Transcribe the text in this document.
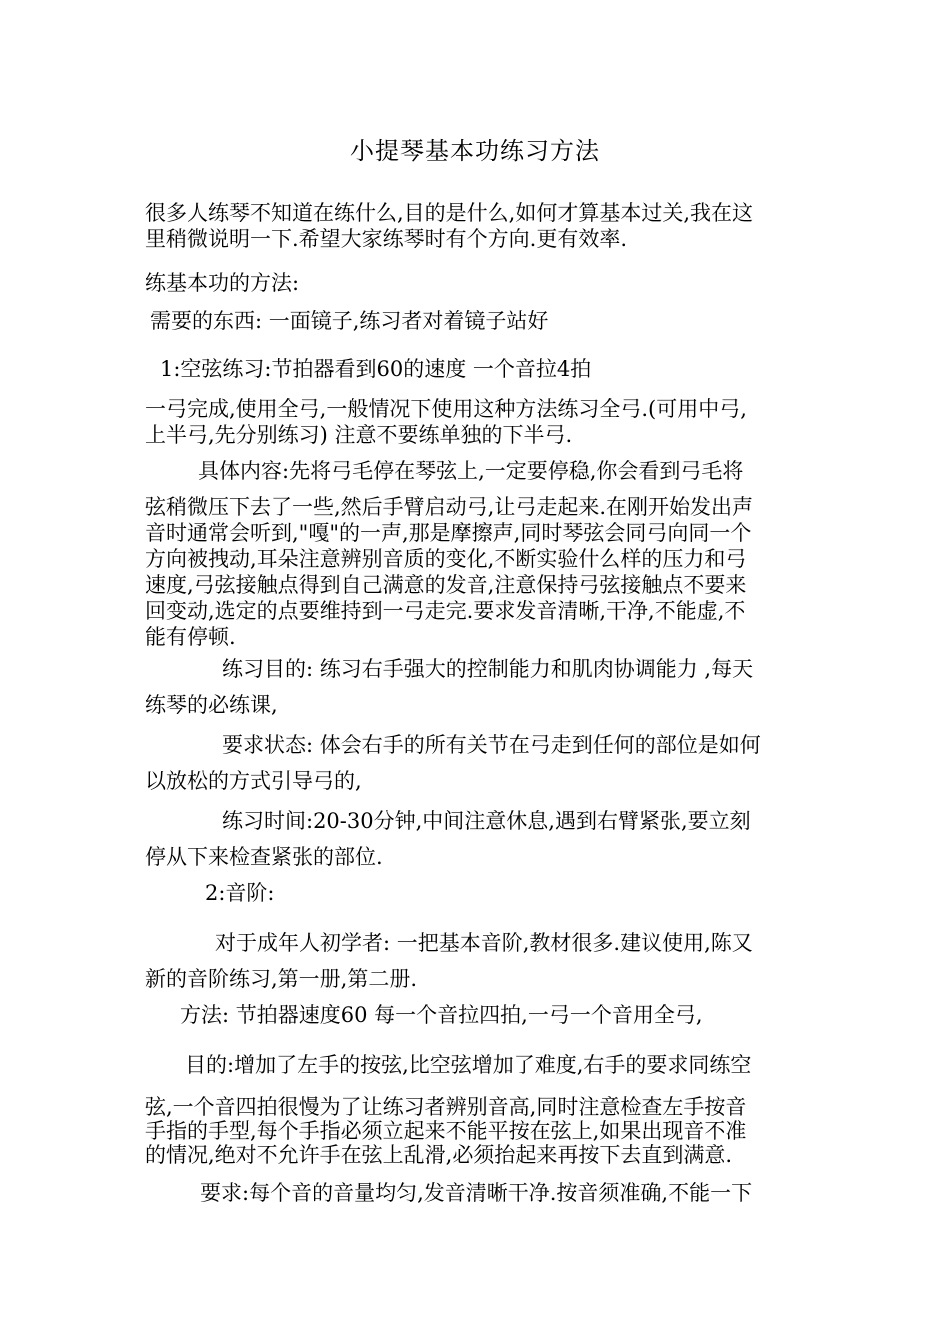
小提琴基本功练习方法

很多人练琴不知道在练什么,目的是什么,如何才算基本过关,我在这

里稍微说明一下.希望大家练琴时有个方向.更有效率.

练基本功的方法:

需要的东西: 一面镜子,练习者对着镜子站好

1:空弦练习:节拍器看到60的速度 一个音拉4拍

一弓完成,使用全弓,一般情况下使用这种方法练习全弓.(可用中弓,

上半弓,先分别练习) 注意不要练单独的下半弓.

具体内容:先将弓毛停在琴弦上,一定要停稳,你会看到弓毛将

弦稍微压下去了一些,然后手臂启动弓,让弓走起来.在刚开始发出声

音时通常会听到,"嘎"的一声,那是摩擦声,同时琴弦会同弓向同一个

方向被拽动,耳朵注意辨别音质的变化,不断实验什么样的压力和弓

速度,弓弦接触点得到自己满意的发音,注意保持弓弦接触点不要来

回变动,选定的点要维持到一弓走完.要求发音清晰,干净,不能虚,不

能有停顿.

练习目的: 练习右手强大的控制能力和肌肉协调能力 ,每天

练琴的必练课,

要求状态: 体会右手的所有关节在弓走到任何的部位是如何

以放松的方式引导弓的,

练习时间:20-30分钟,中间注意休息,遇到右臂紧张,要立刻

停从下来检查紧张的部位.

2:音阶:

对于成年人初学者: 一把基本音阶,教材很多.建议使用,陈又

新的音阶练习,第一册,第二册.

方法: 节拍器速度60 每一个音拉四拍,一弓一个音用全弓,

目的:增加了左手的按弦,比空弦增加了难度,右手的要求同练空

弦,一个音四拍很慢为了让练习者辨别音高,同时注意检查左手按音

手指的手型,每个手指必须立起来不能平按在弦上,如果出现音不准

的情况,绝对不允许手在弦上乱滑,必须抬起来再按下去直到满意.

要求:每个音的音量均匀,发音清晰干净.按音须准确,不能一下
